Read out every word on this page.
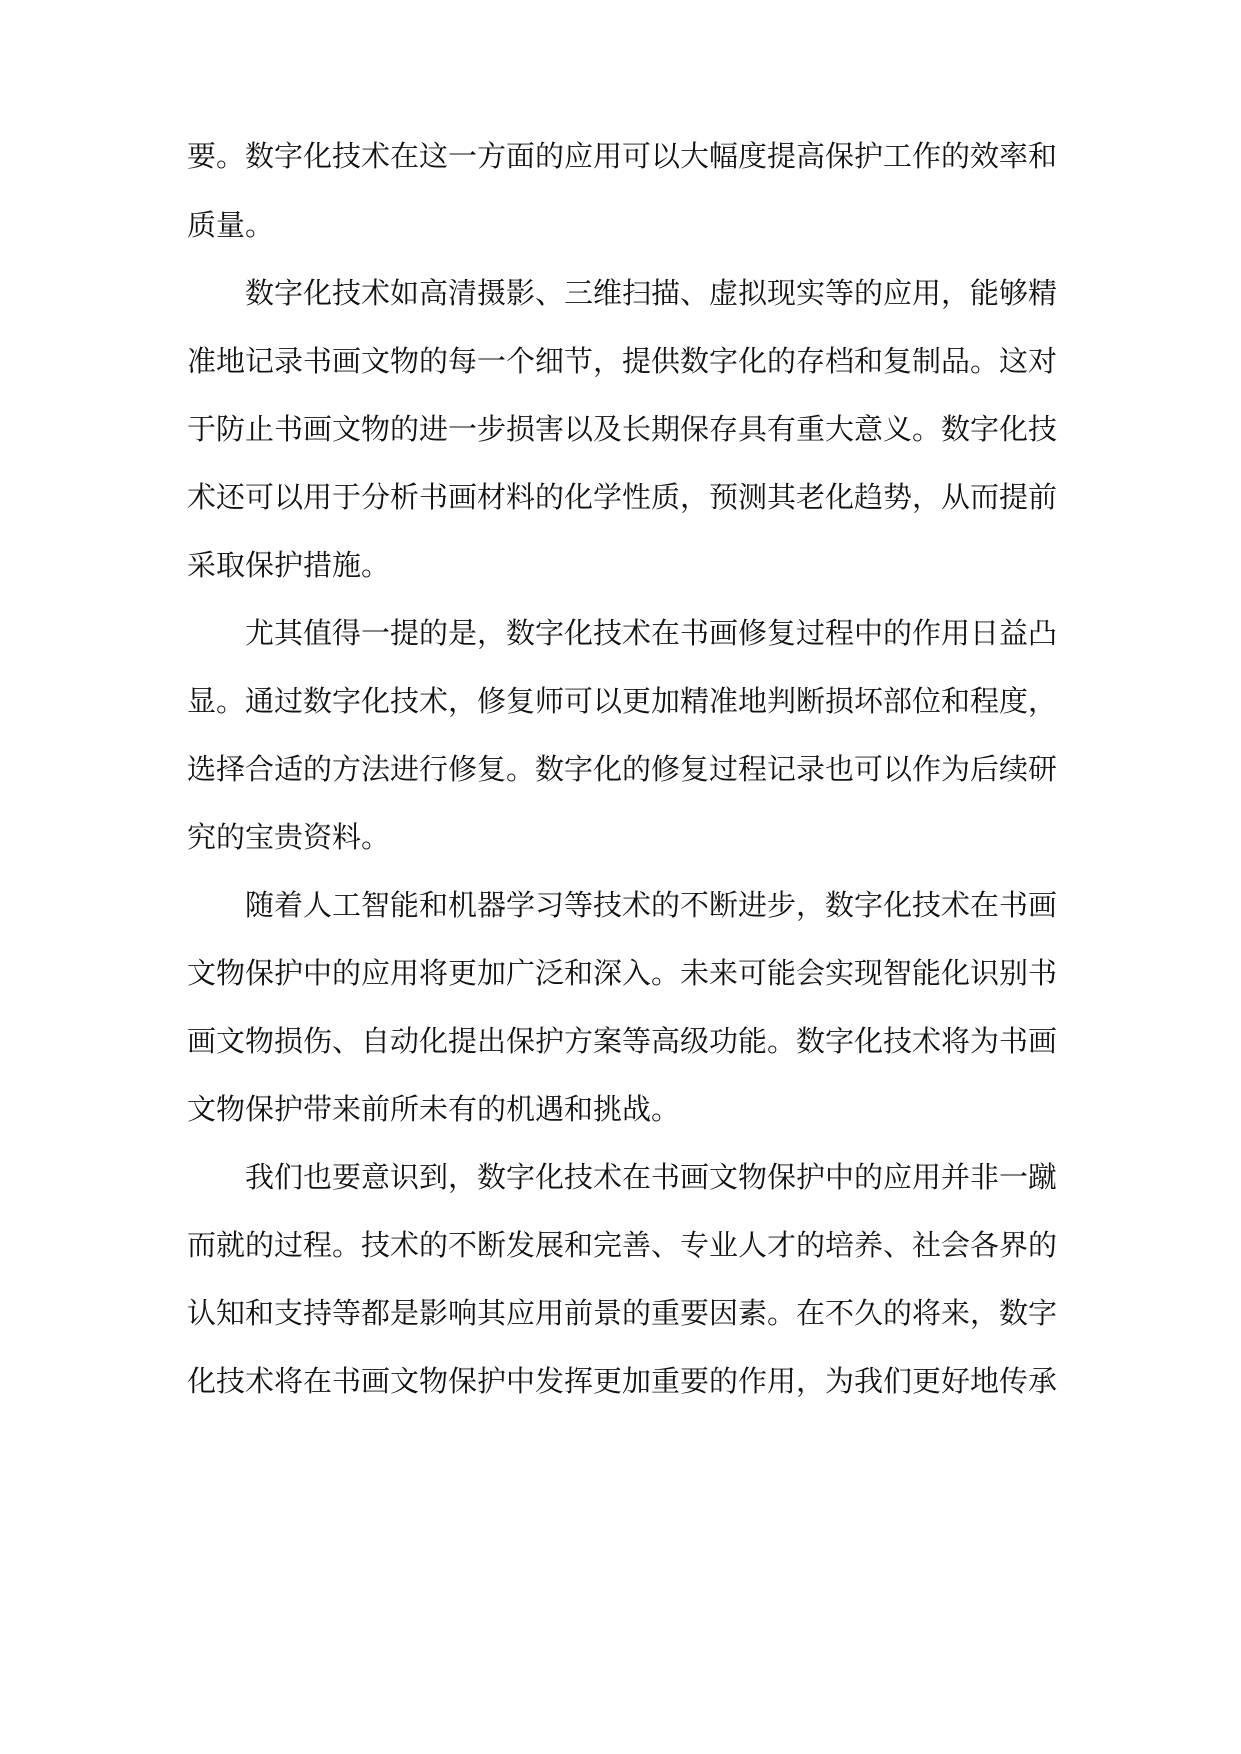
要。数字化技术在这一方面的应用可以大幅度提高保护工作的效率和
质量。
数字化技术如高清摄影、三维扫描、虚拟现实等的应用，能够精
准地记录书画文物的每一个细节，提供数字化的存档和复制品。这对
于防止书画文物的进一步损害以及长期保存具有重大意义。数字化技
术还可以用于分析书画材料的化学性质，预测其老化趋势，从而提前
采取保护措施。
尤其值得一提的是，数字化技术在书画修复过程中的作用日益凸
显。通过数字化技术，修复师可以更加精准地判断损坏部位和程度，
选择合适的方法进行修复。数字化的修复过程记录也可以作为后续研
究的宝贵资料。
随着人工智能和机器学习等技术的不断进步，数字化技术在书画
文物保护中的应用将更加广泛和深入。未来可能会实现智能化识别书
画文物损伤、自动化提出保护方案等高级功能。数字化技术将为书画
文物保护带来前所未有的机遇和挑战。
我们也要意识到，数字化技术在书画文物保护中的应用并非一蹴
而就的过程。技术的不断发展和完善、专业人才的培养、社会各界的
认知和支持等都是影响其应用前景的重要因素。在不久的将来，数字
化技术将在书画文物保护中发挥更加重要的作用，为我们更好地传承
